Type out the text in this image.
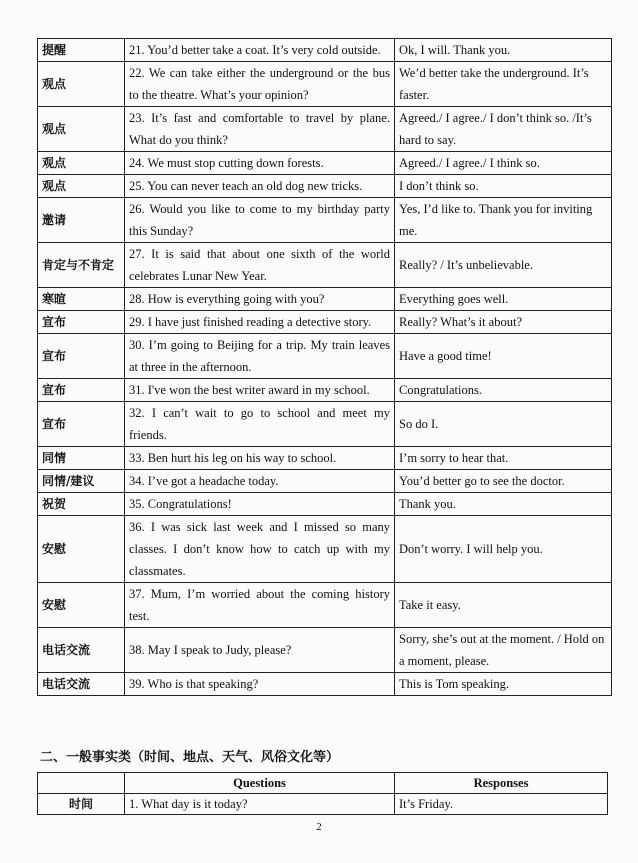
提醒	21. You’d better take a coat. It’s very cold outside.	Ok, I will. Thank you.
观点	22. We can take either the underground or the bus to the theatre. What’s your opinion?	We’d better take the underground. It’s faster.
观点	23. It’s fast and comfortable to travel by plane. What do you think?	Agreed./ I agree./ I don’t think so. /It’s hard to say.
观点	24. We must stop cutting down forests.	Agreed./ I agree./ I think so.
观点	25. You can never teach an old dog new tricks.	I don’t think so.
邀请	26. Would you like to come to my birthday party this Sunday?	Yes, I’d like to. Thank you for inviting me.
肯定与不肯定	27. It is said that about one sixth of the world celebrates Lunar New Year.	Really? / It’s unbelievable.
寒暄	28. How is everything going with you?	Everything goes well.
宣布	29. I have just finished reading a detective story.	Really? What’s it about?
宣布	30. I’m going to Beijing for a trip. My train leaves at three in the afternoon.	Have a good time!
宣布	31. I've won the best writer award in my school.	Congratulations.
宣布	32. I can’t wait to go to school and meet my friends.	So do I.
同情	33. Ben hurt his leg on his way to school.	I’m sorry to hear that.
同情/建议	34. I’ve got a headache today.	You’d better go to see the doctor.
祝贺	35. Congratulations!	Thank you.
安慰	36. I was sick last week and I missed so many classes. I don’t know how to catch up with my classmates.	Don’t worry. I will help you.
安慰	37. Mum, I’m worried about the coming history test.	Take it easy.
电话交流	38. May I speak to Judy, please?	Sorry, she’s out at the moment. / Hold on a moment, please.
电话交流	39. Who is that speaking?	This is Tom speaking.
二、一般事实类（时间、地点、天气、风俗文化等）
	Questions	Responses
时间	1. What day is it today?	It’s Friday.
2
